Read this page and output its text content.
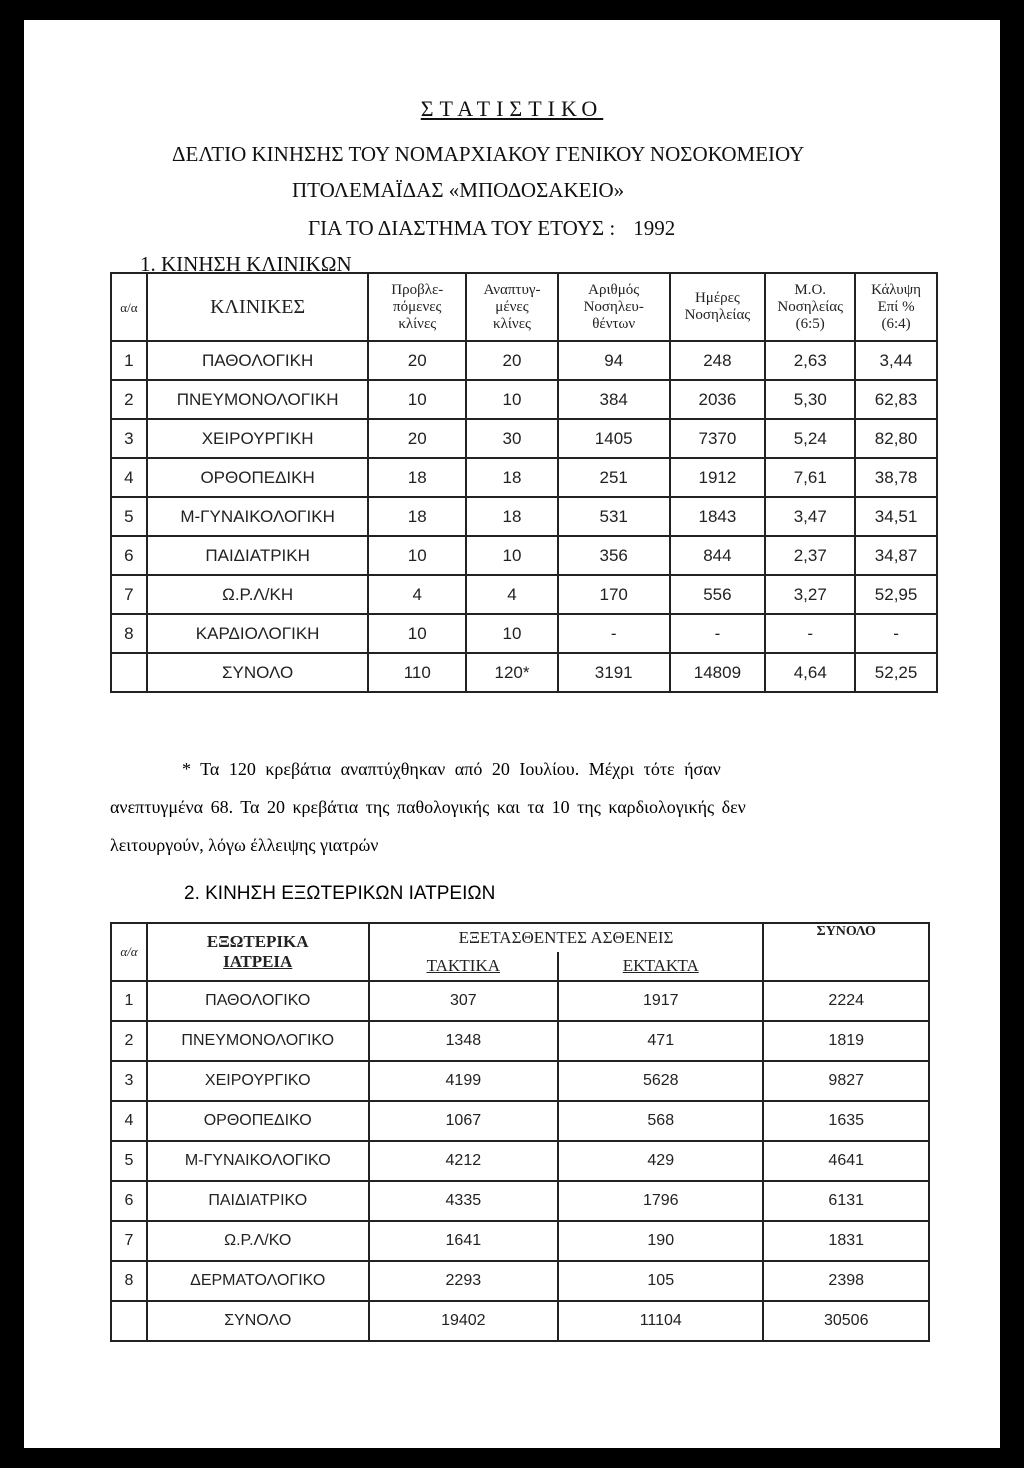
ΣΤΑΤΙΣΤΙΚΟ
ΔΕΛΤΙΟ ΚΙΝΗΣΗΣ ΤΟΥ ΝΟΜΑΡΧΙΑΚΟΥ ΓΕΝΙΚΟΥ ΝΟΣΟΚΟΜΕΙΟΥ
ΠΤΟΛΕΜΑΪΔΑΣ «ΜΠΟΔΟΣΑΚΕΙΟ»
ΓΙΑ ΤΟ ΔΙΑΣΤΗΜΑ ΤΟΥ ΕΤΟΥΣ : 1992
1. ΚΙΝΗΣΗ ΚΛΙΝΙΚΩΝ
α/α	ΚΛΙΝΙΚΕΣ	Προβλε-
πόμενες
κλίνες	Αναπτυγ-
μένες
κλίνες	Αριθμός
Νοσηλευ-
θέντων	Ημέρες
Νοσηλείας	Μ.Ο.
Νοσηλείας
(6:5)	Κάλυψη
Επί %
(6:4)
1	ΠΑΘΟΛΟΓΙΚΗ	20	20	94	248	2,63	3,44
2	ΠΝΕΥΜΟΝΟΛΟΓΙΚΗ	10	10	384	2036	5,30	62,83
3	ΧΕΙΡΟΥΡΓΙΚΗ	20	30	1405	7370	5,24	82,80
4	ΟΡΘΟΠΕΔΙΚΗ	18	18	251	1912	7,61	38,78
5	Μ-ΓΥΝΑΙΚΟΛΟΓΙΚΗ	18	18	531	1843	3,47	34,51
6	ΠΑΙΔΙΑΤΡΙΚΗ	10	10	356	844	2,37	34,87
7	Ω.Ρ.Λ/ΚΗ	4	4	170	556	3,27	52,95
8	ΚΑΡΔΙΟΛΟΓΙΚΗ	10	10	-	-	-	-
	ΣΥΝΟΛΟ	110	120*	3191	14809	4,64	52,25
* Τα 120 κρεβάτια αναπτύχθηκαν από 20 Ιουλίου. Μέχρι τότε ήσαν
ανεπτυγμένα 68. Τα 20 κρεβάτια της παθολογικής και τα 10 της καρδιολογικής δεν
λειτουργούν, λόγω έλλειψης γιατρών
2. ΚΙΝΗΣΗ ΕΞΩΤΕΡΙΚΩΝ ΙΑΤΡΕΙΩΝ
α/α	ΕΞΩΤΕΡΙΚΑ
ΙΑΤΡΕΙΑ	ΕΞΕΤΑΣΘΕΝΤΕΣ ΑΣΘΕΝΕΙΣ		ΣΥΝΟΛΟ
		ΤΑΚΤΙΚΑ	ΕΚΤΑΚΤΑ	
1	ΠΑΘΟΛΟΓΙΚΟ	307	1917	2224
2	ΠΝΕΥΜΟΝΟΛΟΓΙΚΟ	1348	471	1819
3	ΧΕΙΡΟΥΡΓΙΚΟ	4199	5628	9827
4	ΟΡΘΟΠΕΔΙΚΟ	1067	568	1635
5	Μ-ΓΥΝΑΙΚΟΛΟΓΙΚΟ	4212	429	4641
6	ΠΑΙΔΙΑΤΡΙΚΟ	4335	1796	6131
7	Ω.Ρ.Λ/ΚΟ	1641	190	1831
8	ΔΕΡΜΑΤΟΛΟΓΙΚΟ	2293	105	2398
	ΣΥΝΟΛΟ	19402	11104	30506
